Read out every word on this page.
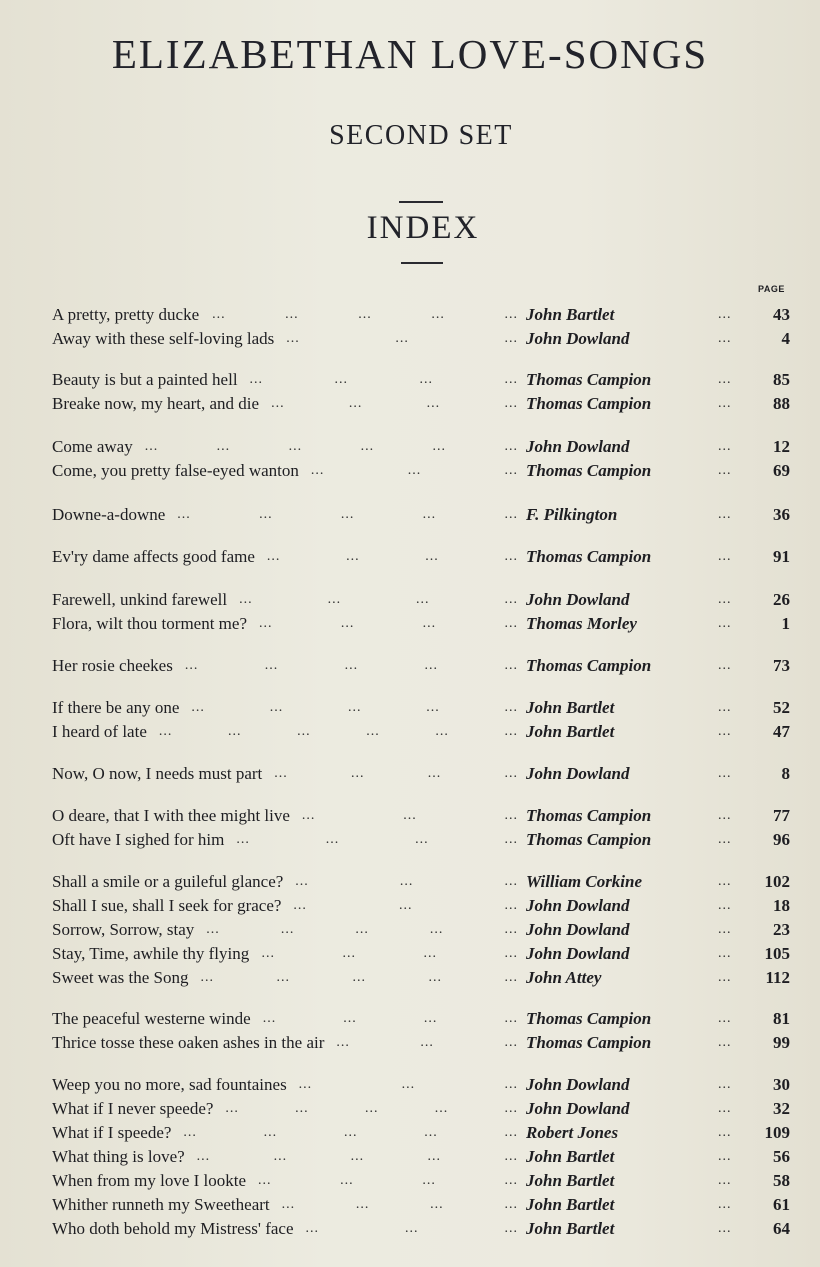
ELIZABETHAN LOVE-SONGS
SECOND SET
INDEX
PAGE
A pretty, pretty ducke ...	...	...	...	... John Bartlet	... 43
Away with these self-loving lads ...	...	... John Dowland	...	4
Beauty is but a painted hell ...	...	...	... Thomas Campion	... 85
Breake now, my heart, and die ...	...	...	... Thomas Campion	... 88
Come away ...	...	...	...	...	... John Dowland	... 12
Come, you pretty false-eyed wanton ...	...	... Thomas Campion	... 69
Downe-a-downe ...	...	...	...	... F. Pilkington	... 36
Ev'ry dame affects good fame ...	...	...	... Thomas Campion	... 91
Farewell, unkind farewell ...	...	...	... John Dowland	... 26
Flora, wilt thou torment me? ...	...	...	... Thomas Morley	...	1
Her rosie cheekes ...	...	...	...	... Thomas Campion	... 73
If there be any one ...	...	...	...	... John Bartlet	... 52
I heard of late ...	...	...	...	...	... John Bartlet	... 47
Now, O now, I needs must part ...	...	...	... John Dowland	...	8
O deare, that I with thee might live ...	...	... Thomas Campion	... 77
Oft have I sighed for him ...	...	...	... Thomas Campion	... 96
Shall a smile or a guileful glance? ...	...	... William Corkine	... 102
Shall I sue, shall I seek for grace? ...	...	... John Dowland	... 18
Sorrow, Sorrow, stay ...	...	...	...	... John Dowland	... 23
Stay, Time, awhile thy flying ...	...	...	... John Dowland	... 105
Sweet was the Song ...	...	...	...	... John Attey	... 112
The peaceful westerne winde ...	...	...	... Thomas Campion	... 81
Thrice tosse these oaken ashes in the air ...	...	... Thomas Campion	... 99
Weep you no more, sad fountaines ...	...	... John Dowland	... 30
What if I never speede? ...	...	...	...	... John Dowland	... 32
What if I speede? ...	...	...	...	... Robert Jones	... 109
What thing is love? ...	...	...	...	... John Bartlet	... 56
When from my love I lookte ...	...	...	... John Bartlet	... 58
Whither runneth my Sweetheart ...	...	...	... John Bartlet	... 61
Who doth behold my Mistress' face ...	...	... John Bartlet	... 64
